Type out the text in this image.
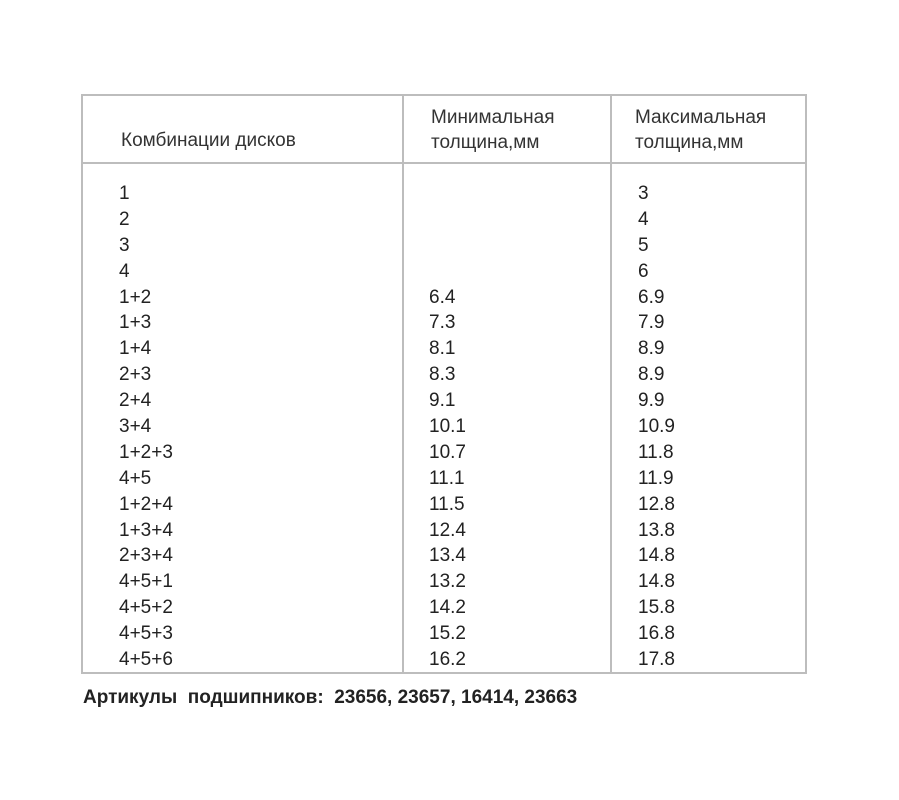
Комбинации дисков
Минимальная
толщина,мм
Максимальная
толщина,мм
1
2
3
4
1+2
1+3
1+4
2+3
2+4
3+4
1+2+3
4+5
1+2+4
1+3+4
2+3+4
4+5+1
4+5+2
4+5+3
4+5+6
6.4
7.3
8.1
8.3
9.1
10.1
10.7
11.1
11.5
12.4
13.4
13.2
14.2
15.2
16.2
3
4
5
6
6.9
7.9
8.9
8.9
9.9
10.9
11.8
11.9
12.8
13.8
14.8
14.8
15.8
16.8
17.8
Артикулы  подшипников:  23656, 23657, 16414, 23663
